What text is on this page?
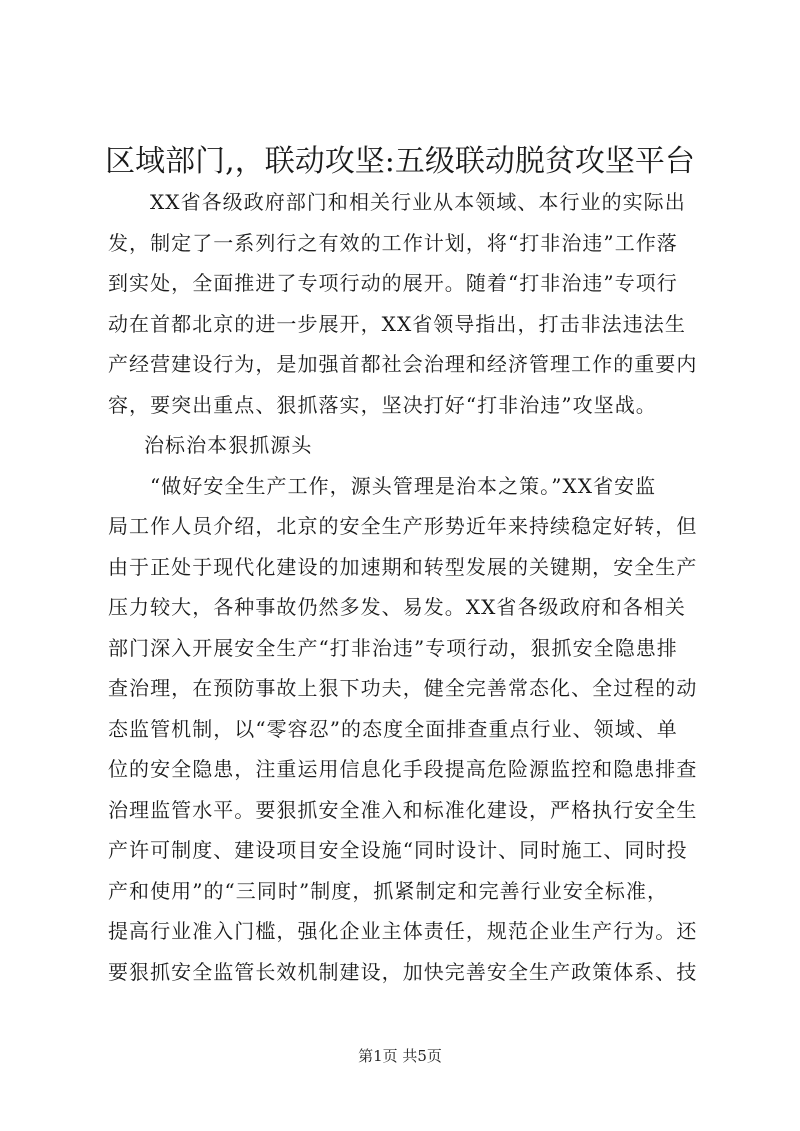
区域部门,，联动攻坚:五级联动脱贫攻坚平台
XX省各级政府部门和相关行业从本领域、本行业的实际出
发，制定了一系列行之有效的工作计划，将“打非治违”工作落
到实处，全面推进了专项行动的展开。随着“打非治违”专项行
动在首都北京的进一步展开，XX省领导指出，打击非法违法生
产经营建设行为，是加强首都社会治理和经济管理工作的重要内
容，要突出重点、狠抓落实，坚决打好“打非治违”攻坚战。
治标治本狠抓源头
“做好安全生产工作，源头管理是治本之策。”XX省安监
局工作人员介绍，北京的安全生产形势近年来持续稳定好转，但
由于正处于现代化建设的加速期和转型发展的关键期，安全生产
压力较大，各种事故仍然多发、易发。XX省各级政府和各相关
部门深入开展安全生产“打非治违”专项行动，狠抓安全隐患排
查治理，在预防事故上狠下功夫，健全完善常态化、全过程的动
态监管机制，以“零容忍”的态度全面排查重点行业、领域、单
位的安全隐患，注重运用信息化手段提高危险源监控和隐患排查
治理监管水平。要狠抓安全准入和标准化建设，严格执行安全生
产许可制度、建设项目安全设施“同时设计、同时施工、同时投
产和使用”的“三同时”制度，抓紧制定和完善行业安全标准，
提高行业准入门槛，强化企业主体责任，规范企业生产行为。还
要狠抓安全监管长效机制建设，加快完善安全生产政策体系、技
第1页 共5页
